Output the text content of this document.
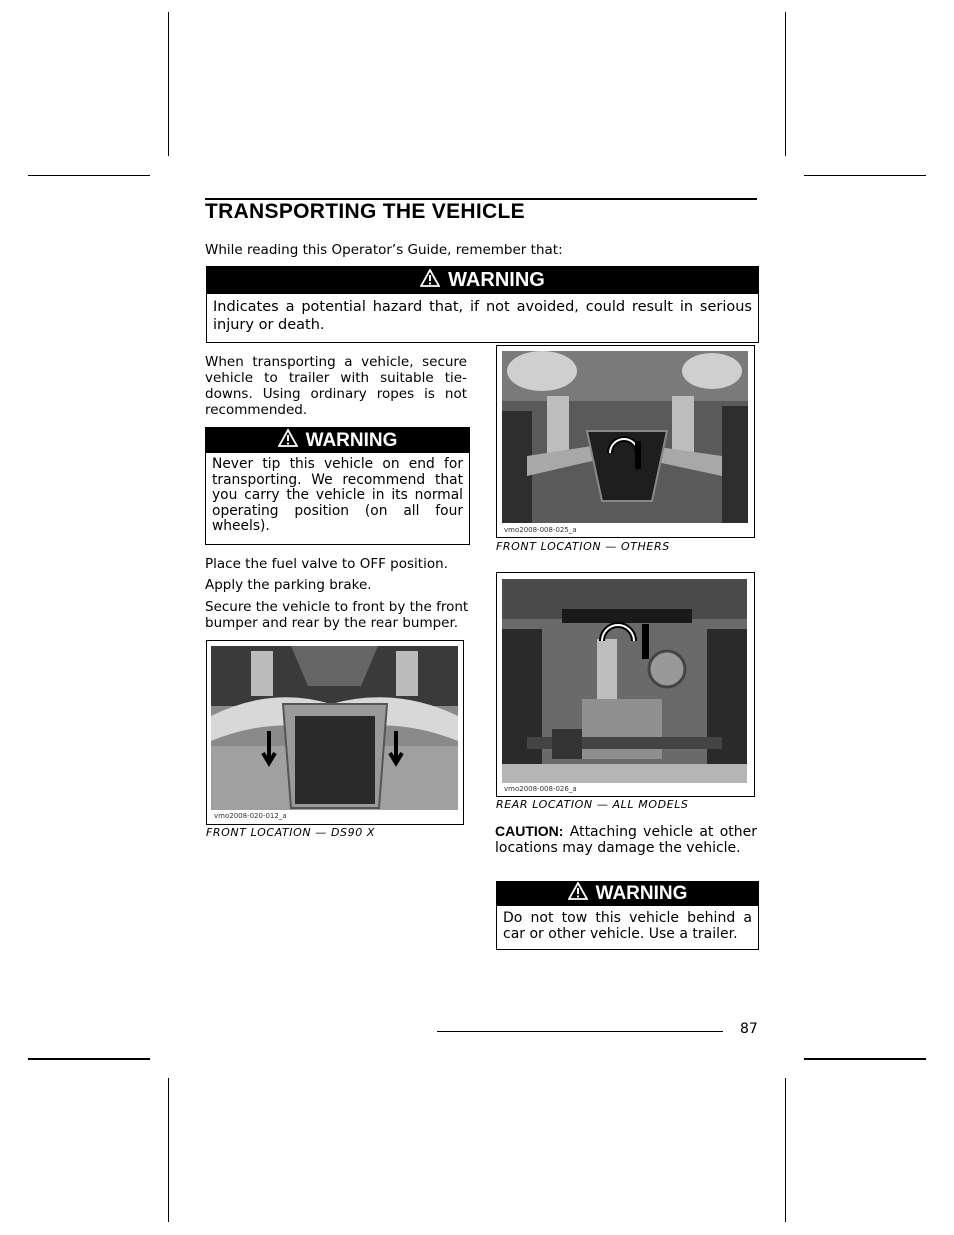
TRANSPORTING THE VEHICLE
While reading this Operator’s Guide, remember that:
WARNING
Indicates a potential hazard that, if not avoided, could result in serious injury or death.
When transporting a vehicle, secure vehicle to trailer with suitable tie-downs. Using ordinary ropes is not recommended.
WARNING
Never tip this vehicle on end for transporting. We recommend that you carry the vehicle in its normal operating position (on all four wheels).
Place the fuel valve to OFF position.
Apply the parking brake.
Secure the vehicle to front by the front bumper and rear by the rear bumper.
vmo2008-020-012_a
FRONT LOCATION — DS90 X
vmo2008-008-025_a
FRONT LOCATION — OTHERS
vmo2008-008-026_a
REAR LOCATION — ALL MODELS
CAUTION: Attaching vehicle at other locations may damage the vehicle.
WARNING
Do not tow this vehicle behind a car or other vehicle. Use a trailer.
87
